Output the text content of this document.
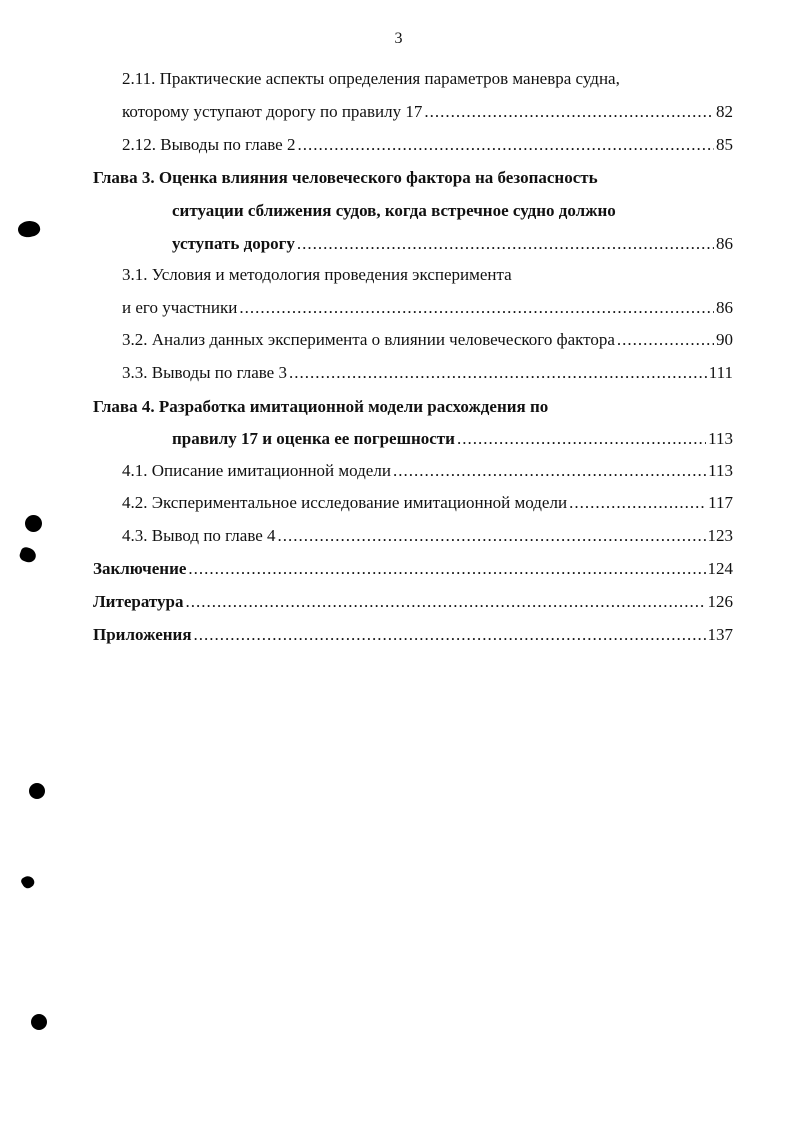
3
2.11. Практические аспекты определения параметров маневра судна,
которому уступают дорогу по правилу 17 .....	82
2.12. Выводы по главе 2 .....	85
Глава 3. Оценка влияния человеческого фактора на безопасность
ситуации сближения судов, когда встречное судно должно
уступать дорогу .....	86
3.1. Условия и методология проведения эксперимента
и его участники .....	86
3.2. Анализ данных эксперимента о влиянии человеческого фактора .....	90
3.3. Выводы по главе 3 .....	111
Глава 4. Разработка имитационной модели расхождения по
правилу 17 и оценка ее погрешности .....	113
4.1. Описание имитационной модели .....	113
4.2. Экспериментальное исследование имитационной модели .....	117
4.3. Вывод по главе 4 .....	123
Заключение .....	124
Литература .....	126
Приложения .....	137
